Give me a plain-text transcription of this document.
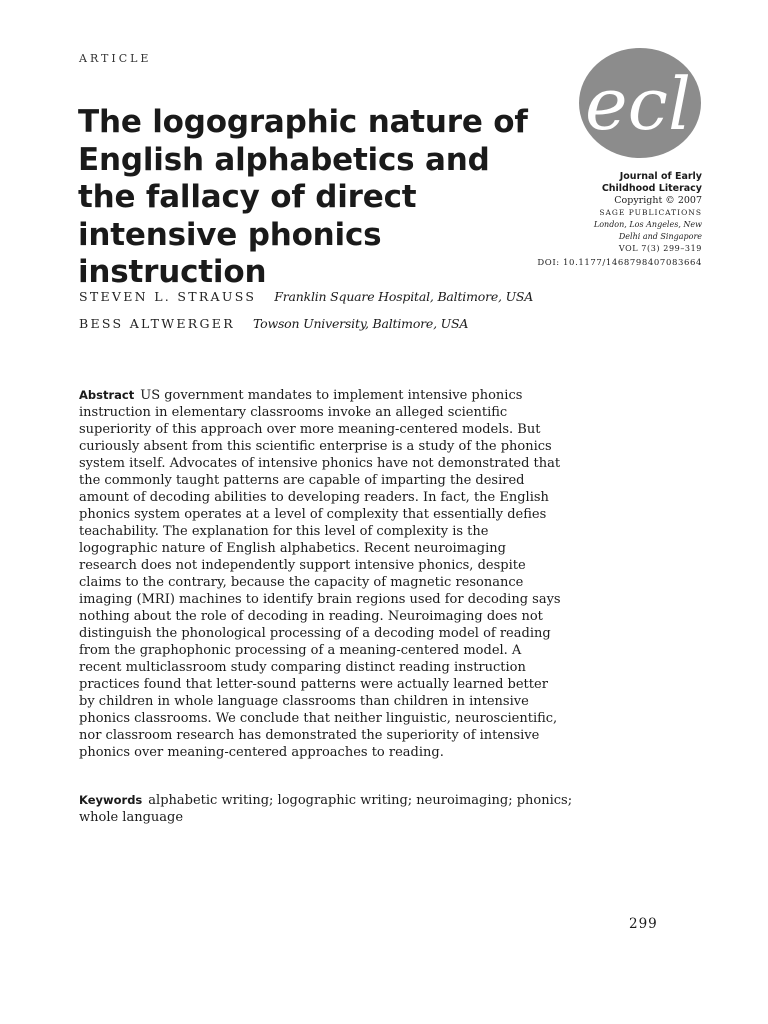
ARTICLE
The logographic nature of English alphabetics and the fallacy of direct intensive phonics instruction
ecl
Journal of Early
Childhood Literacy
Copyright © 2007
SAGE PUBLICATIONS
London, Los Angeles, New
Delhi and Singapore
VOL 7(3) 299–319
DOI: 10.1177/1468798407083664
STEVEN L. STRAUSS Franklin Square Hospital, Baltimore, USA
BESS ALTWERGER Towson University, Baltimore, USA

Abstract US government mandates to implement intensive phonics instruction in elementary classrooms invoke an alleged scientific superiority of this approach over more meaning-centered models. But curiously absent from this scientific enterprise is a study of the phonics system itself. Advocates of intensive phonics have not demonstrated that the commonly taught patterns are capable of imparting the desired amount of decoding abilities to developing readers. In fact, the English phonics system operates at a level of complexity that essentially defies teachability. The explanation for this level of complexity is the logographic nature of English alphabetics. Recent neuroimaging research does not independently support intensive phonics, despite claims to the contrary, because the capacity of magnetic resonance imaging (MRI) machines to identify brain regions used for decoding says nothing about the role of decoding in reading. Neuroimaging does not distinguish the phonological processing of a decoding model of reading from the graphophonic processing of a meaning-centered model. A recent multiclassroom study comparing distinct reading instruction practices found that letter-sound patterns were actually learned better by children in whole language classrooms than children in intensive phonics classrooms. We conclude that neither linguistic, neuroscientific, nor classroom research has demonstrated the superiority of intensive phonics over meaning-centered approaches to reading.

Keywords alphabetic writing; logographic writing; neuroimaging; phonics; whole language

299
